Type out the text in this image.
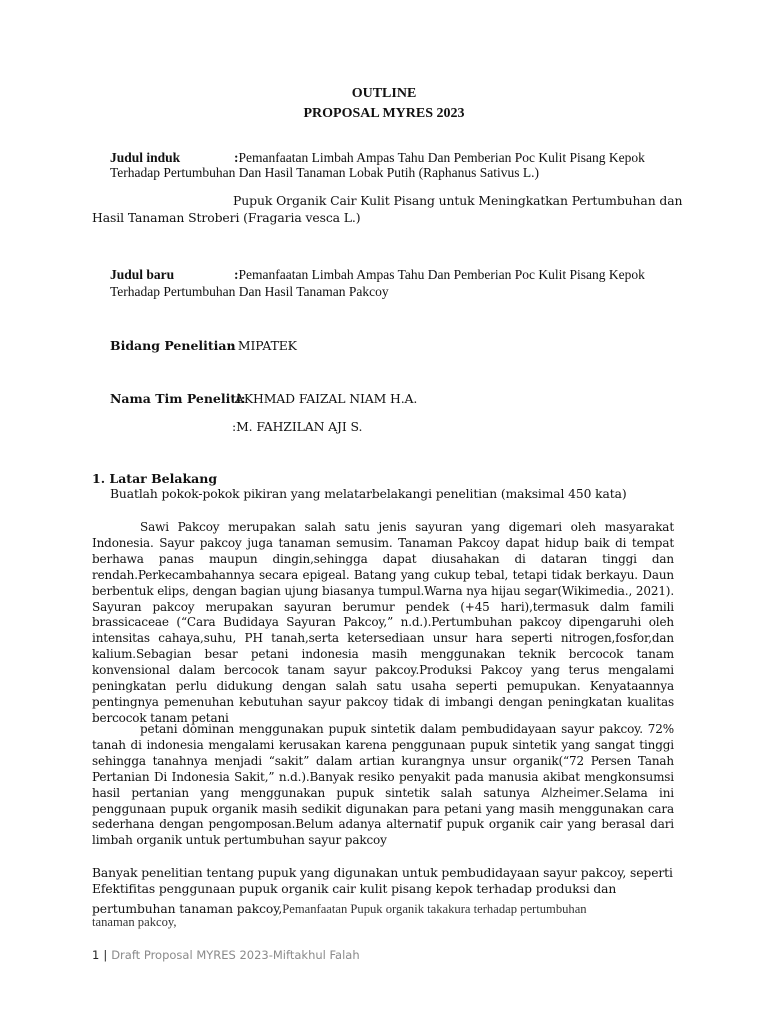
OUTLINE
PROPOSAL MYRES 2023
Judul induk	:Pemanfaatan Limbah Ampas Tahu Dan Pemberian Poc Kulit Pisang Kepok
Terhadap Pertumbuhan Dan Hasil Tanaman Lobak Putih (Raphanus Sativus L.)
Pupuk Organik Cair Kulit Pisang untuk Meningkatkan Pertumbuhan dan
Hasil Tanaman Stroberi (Fragaria vesca L.)
Judul baru	:Pemanfaatan Limbah Ampas Tahu Dan Pemberian Poc Kulit Pisang Kepok
Terhadap Pertumbuhan Dan Hasil Tanaman Pakcoy
Bidang Penelitian
: MIPATEK
Nama Tim Peneliti:
AKHMAD FAIZAL NIAM H.A.
:M. FAHZILAN AJI S.
1. Latar Belakang
Buatlah pokok-pokok pikiran yang melatarbelakangi penelitian (maksimal 450 kata)
Sawi Pakcoy merupakan salah satu jenis sayuran yang digemari oleh masyarakat Indonesia. Sayur pakcoy juga tanaman semusim. Tanaman Pakcoy dapat hidup baik di tempat berhawa panas maupun dingin,sehingga dapat diusahakan di dataran tinggi dan rendah.Perkecambahannya secara epigeal. Batang yang cukup tebal, tetapi tidak berkayu. Daun berbentuk elips, dengan bagian ujung biasanya tumpul.Warna nya hijau segar(Wikimedia., 2021). Sayuran pakcoy merupakan sayuran berumur pendek (+45 hari),termasuk dalm famili brassicaceae (“Cara Budidaya Sayuran Pakcoy,” n.d.).Pertumbuhan pakcoy dipengaruhi oleh intensitas cahaya,suhu, PH tanah,serta ketersediaan unsur hara seperti nitrogen,fosfor,dan kalium.Sebagian besar petani indonesia masih menggunakan teknik bercocok tanam konvensional dalam bercocok tanam sayur pakcoy.Produksi Pakcoy yang terus mengalami peningkatan perlu didukung dengan salah satu usaha seperti pemupukan. Kenyataannya pentingnya pemenuhan kebutuhan sayur pakcoy tidak di imbangi dengan peningkatan kualitas bercocok tanam petani
petani dominan menggunakan pupuk sintetik dalam pembudidayaan sayur pakcoy. 72% tanah di indonesia mengalami kerusakan karena penggunaan pupuk sintetik yang sangat tinggi sehingga tanahnya menjadi “sakit” dalam artian kurangnya unsur organik(“72 Persen Tanah Pertanian Di Indonesia Sakit,” n.d.).Banyak resiko penyakit pada manusia akibat mengkonsumsi hasil pertanian yang menggunakan pupuk sintetik salah satunya Alzheimer.Selama ini penggunaan pupuk organik masih sedikit digunakan para petani yang masih menggunakan cara sederhana dengan pengomposan.Belum adanya alternatif pupuk organik cair yang berasal dari limbah organik untuk pertumbuhan sayur pakcoy
Banyak penelitian tentang pupuk yang digunakan untuk pembudidayaan sayur pakcoy, seperti
Efektifitas penggunaan pupuk organik cair kulit pisang kepok terhadap produksi dan
pertumbuhan tanaman pakcoy,Pemanfaatan Pupuk organik takakura terhadap pertumbuhan
tanaman pakcoy,
1 | Draft Proposal MYRES 2023-Miftakhul Falah
